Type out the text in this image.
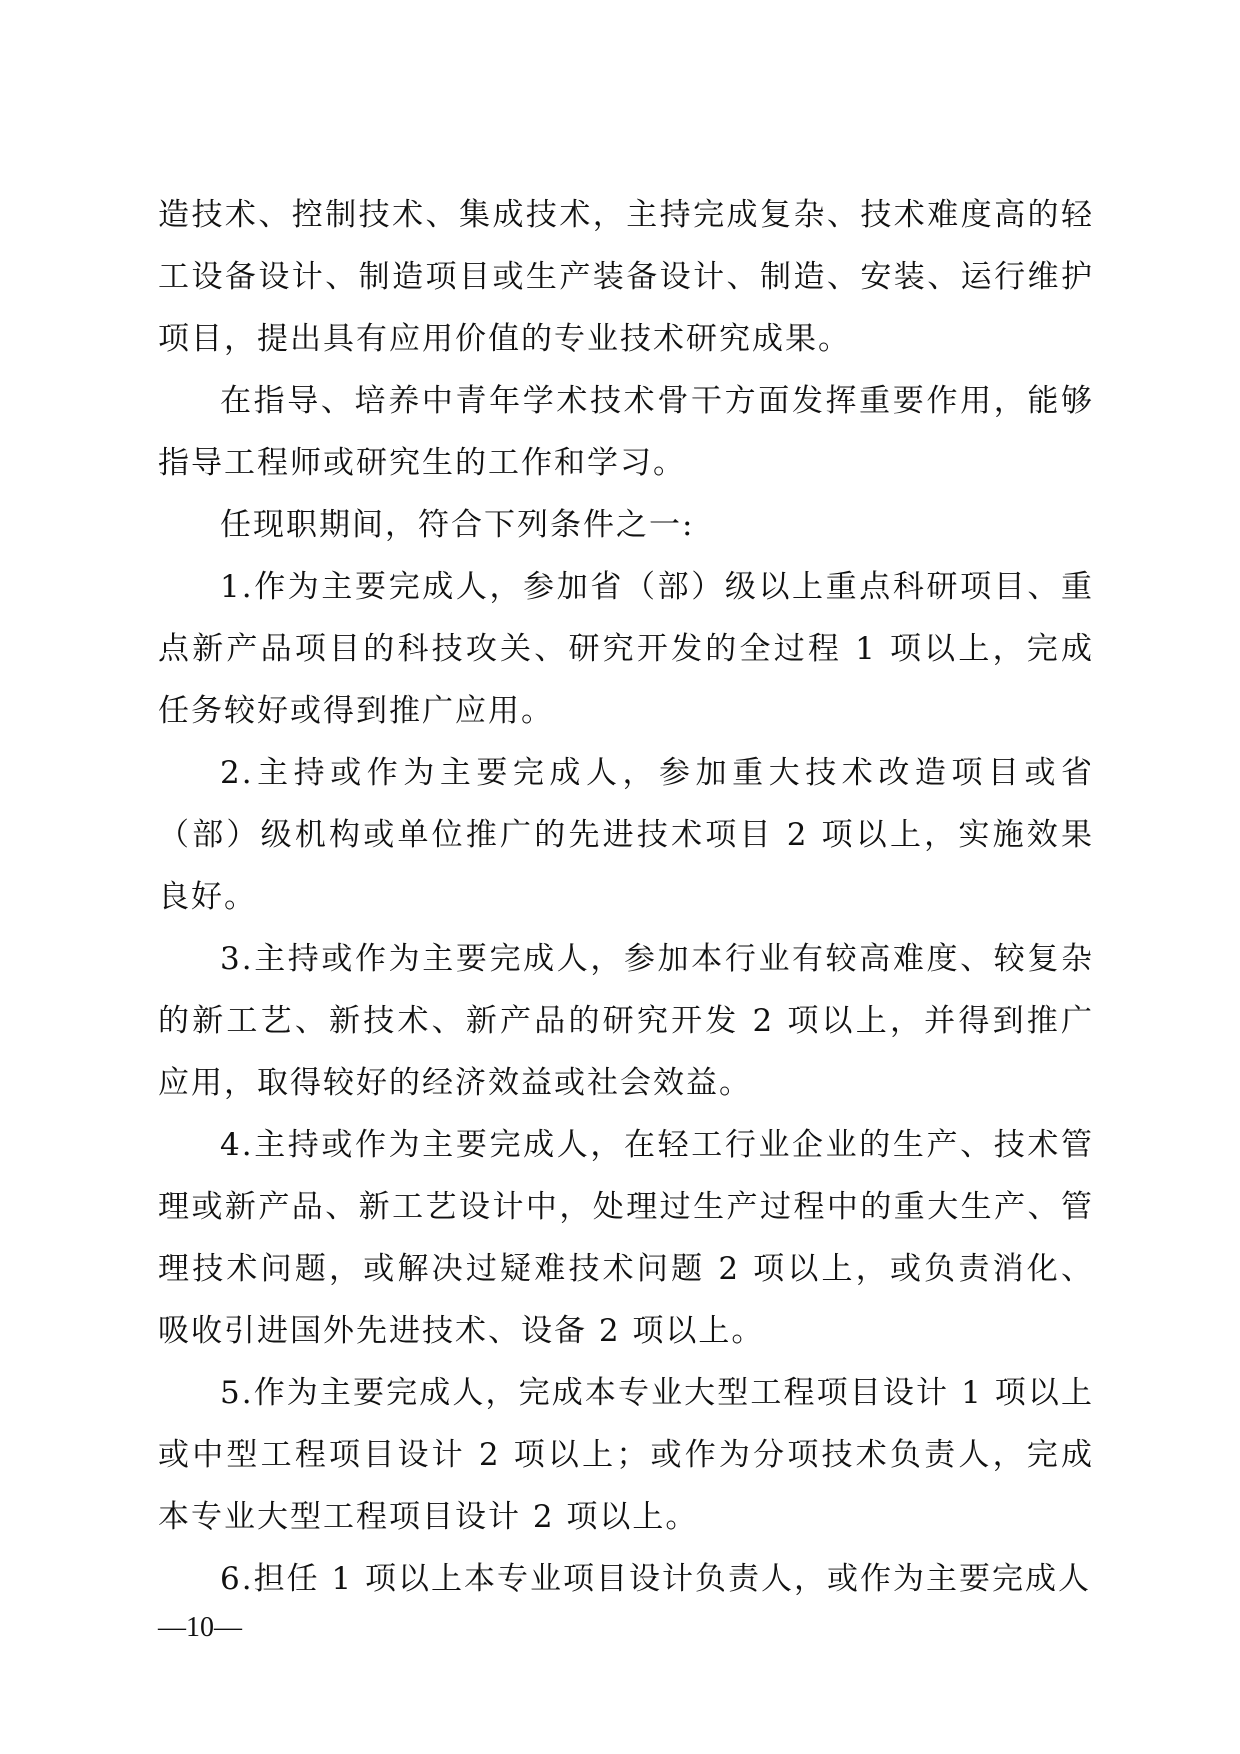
造技术、控制技术、集成技术，主持完成复杂、技术难度高的轻工设备设计、制造项目或生产装备设计、制造、安装、运行维护项目，提出具有应用价值的专业技术研究成果。

在指导、培养中青年学术技术骨干方面发挥重要作用，能够指导工程师或研究生的工作和学习。

任现职期间，符合下列条件之一:

1.作为主要完成人，参加省（部）级以上重点科研项目、重点新产品项目的科技攻关、研究开发的全过程 1 项以上，完成任务较好或得到推广应用。

2.主持或作为主要完成人，参加重大技术改造项目或省（部）级机构或单位推广的先进技术项目 2 项以上，实施效果良好。

3.主持或作为主要完成人，参加本行业有较高难度、较复杂的新工艺、新技术、新产品的研究开发 2 项以上，并得到推广应用，取得较好的经济效益或社会效益。

4.主持或作为主要完成人，在轻工行业企业的生产、技术管理或新产品、新工艺设计中，处理过生产过程中的重大生产、管理技术问题，或解决过疑难技术问题 2 项以上，或负责消化、吸收引进国外先进技术、设备 2 项以上。

5.作为主要完成人，完成本专业大型工程项目设计 1 项以上或中型工程项目设计 2 项以上；或作为分项技术负责人，完成本专业大型工程项目设计 2 项以上。

6.担任 1 项以上本专业项目设计负责人，或作为主要完成人

—10—
